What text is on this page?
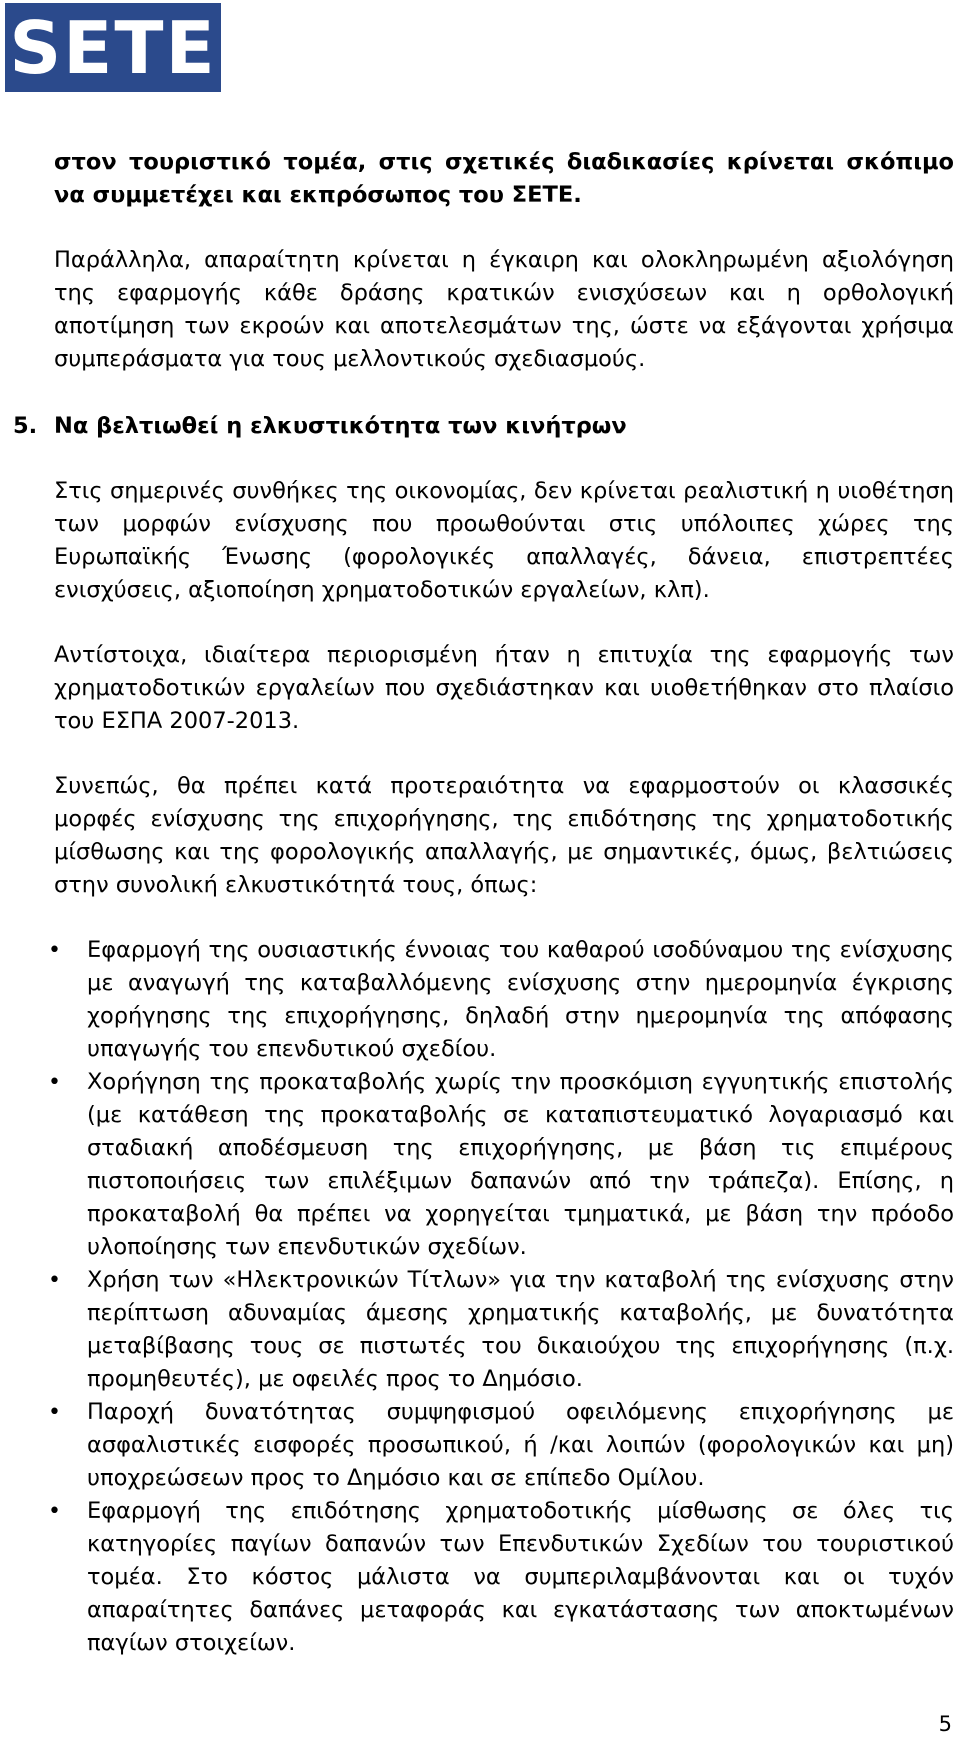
SETE

στον τουριστικό τομέα, στις σχετικές διαδικασίες κρίνεται σκόπιμο να συμμετέχει και εκπρόσωπος του ΣΕΤΕ.

Παράλληλα, απαραίτητη κρίνεται η έγκαιρη και ολοκληρωμένη αξιολόγηση της εφαρμογής κάθε δράσης κρατικών ενισχύσεων και η ορθολογική αποτίμηση των εκροών και αποτελεσμάτων της, ώστε να εξάγονται χρήσιμα συμπεράσματα για τους μελλοντικούς σχεδιασμούς.

5. Να βελτιωθεί η ελκυστικότητα των κινήτρων

Στις σημερινές συνθήκες της οικονομίας, δεν κρίνεται ρεαλιστική η υιοθέτηση των μορφών ενίσχυσης που προωθούνται στις υπόλοιπες χώρες της Ευρωπαϊκής Ένωσης (φορολογικές απαλλαγές, δάνεια, επιστρεπτέες ενισχύσεις, αξιοποίηση χρηματοδοτικών εργαλείων, κλπ).

Αντίστοιχα, ιδιαίτερα περιορισμένη ήταν η επιτυχία της εφαρμογής των χρηματοδοτικών εργαλείων που σχεδιάστηκαν και υιοθετήθηκαν στο πλαίσιο του ΕΣΠΑ 2007-2013.

Συνεπώς, θα πρέπει κατά προτεραιότητα να εφαρμοστούν οι κλασσικές μορφές ενίσχυσης της επιχορήγησης, της επιδότησης της χρηματοδοτικής μίσθωσης και της φορολογικής απαλλαγής, με σημαντικές, όμως, βελτιώσεις στην συνολική ελκυστικότητά τους, όπως:

• Εφαρμογή της ουσιαστικής έννοιας του καθαρού ισοδύναμου της ενίσχυσης με αναγωγή της καταβαλλόμενης ενίσχυσης στην ημερομηνία έγκρισης χορήγησης της επιχορήγησης, δηλαδή στην ημερομηνία της απόφασης υπαγωγής του επενδυτικού σχεδίου.

• Χορήγηση της προκαταβολής χωρίς την προσκόμιση εγγυητικής επιστολής (με κατάθεση της προκαταβολής σε καταπιστευματικό λογαριασμό και σταδιακή αποδέσμευση της επιχορήγησης, με βάση τις επιμέρους πιστοποιήσεις των επιλέξιμων δαπανών από την τράπεζα). Επίσης, η προκαταβολή θα πρέπει να χορηγείται τμηματικά, με βάση την πρόοδο υλοποίησης των επενδυτικών σχεδίων.

• Χρήση των «Ηλεκτρονικών Τίτλων» για την καταβολή της ενίσχυσης στην περίπτωση αδυναμίας άμεσης χρηματικής καταβολής, με δυνατότητα μεταβίβασης τους σε πιστωτές του δικαιούχου της επιχορήγησης (π.χ. προμηθευτές), με οφειλές προς το Δημόσιο.

• Παροχή δυνατότητας συμψηφισμού οφειλόμενης επιχορήγησης με ασφαλιστικές εισφορές προσωπικού, ή /και λοιπών (φορολογικών και μη) υποχρεώσεων προς το Δημόσιο και σε επίπεδο Ομίλου.

• Εφαρμογή της επιδότησης χρηματοδοτικής μίσθωσης σε όλες τις κατηγορίες παγίων δαπανών των Επενδυτικών Σχεδίων του τουριστικού τομέα. Στο κόστος μάλιστα να συμπεριλαμβάνονται και οι τυχόν απαραίτητες δαπάνες μεταφοράς και εγκατάστασης των αποκτωμένων παγίων στοιχείων.

5
